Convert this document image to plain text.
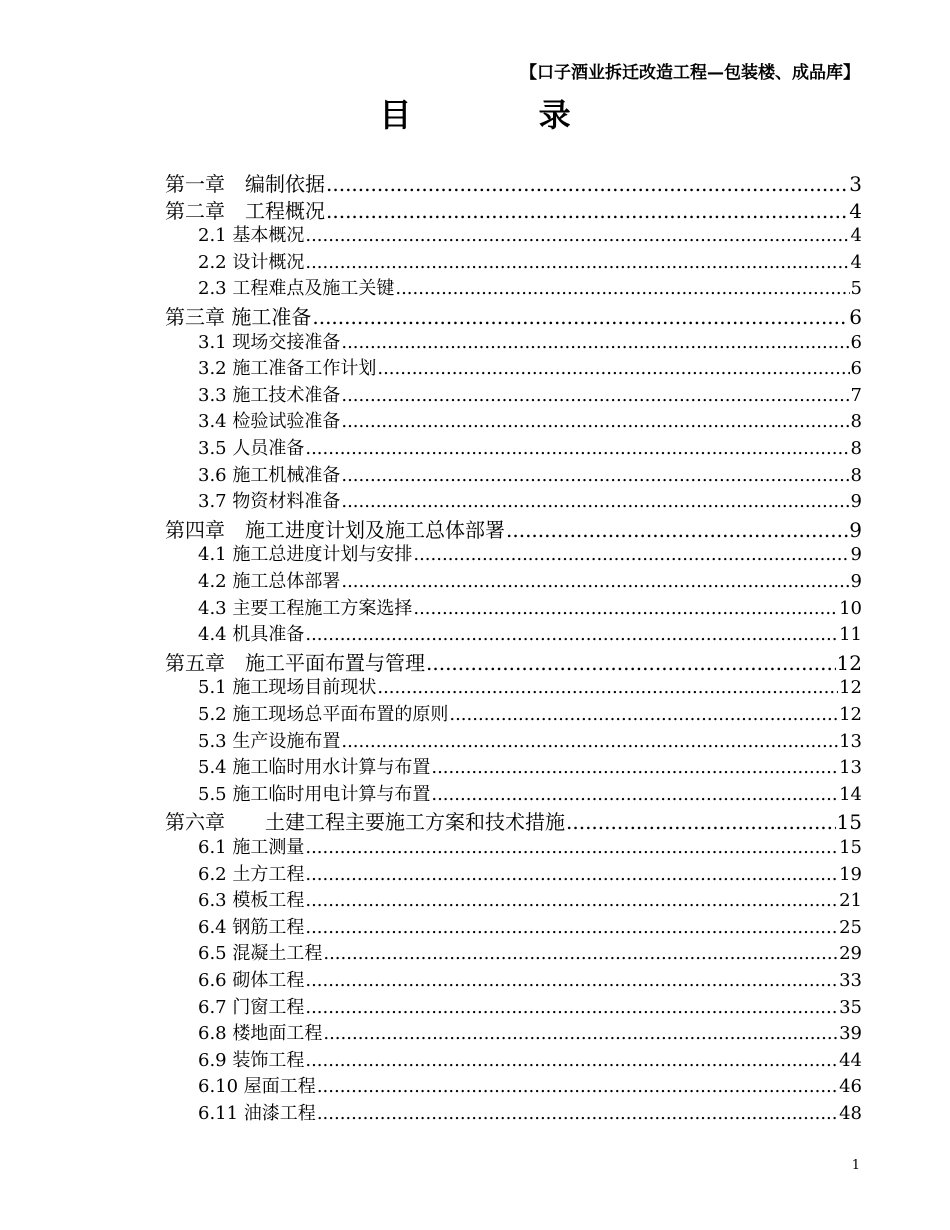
【口子酒业拆迁改造工程—包装楼、成品库】
目 录
第一章　编制依据 .....	3
第二章　工程概况 .....	4
2.1 基本概况 .....	4
2.2 设计概况 .....	4
2.3 工程难点及施工关键 .....	5
第三章 施工准备 .....	6
3.1 现场交接准备 .....	6
3.2 施工准备工作计划 .....	6
3.3 施工技术准备 .....	7
3.4 检验试验准备 .....	8
3.5 人员准备 .....	8
3.6 施工机械准备 .....	8
3.7 物资材料准备 .....	9
第四章　施工进度计划及施工总体部署 .....	9
4.1 施工总进度计划与安排 .....	9
4.2 施工总体部署 .....	9
4.3 主要工程施工方案选择 .....	10
4.4 机具准备 .....	11
第五章　施工平面布置与管理 .....	12
5.1 施工现场目前现状 .....	12
5.2 施工现场总平面布置的原则 .....	12
5.3 生产设施布置 .....	13
5.4 施工临时用水计算与布置 .....	13
5.5 施工临时用电计算与布置 .....	14
第六章　　土建工程主要施工方案和技术措施 .....	15
6.1 施工测量 .....	15
6.2 土方工程 .....	19
6.3 模板工程 .....	21
6.4 钢筋工程 .....	25
6.5 混凝土工程 .....	29
6.6 砌体工程 .....	33
6.7 门窗工程 .....	35
6.8 楼地面工程 .....	39
6.9 装饰工程 .....	44
6.10 屋面工程 .....	46
6.11 油漆工程 .....	48
1
